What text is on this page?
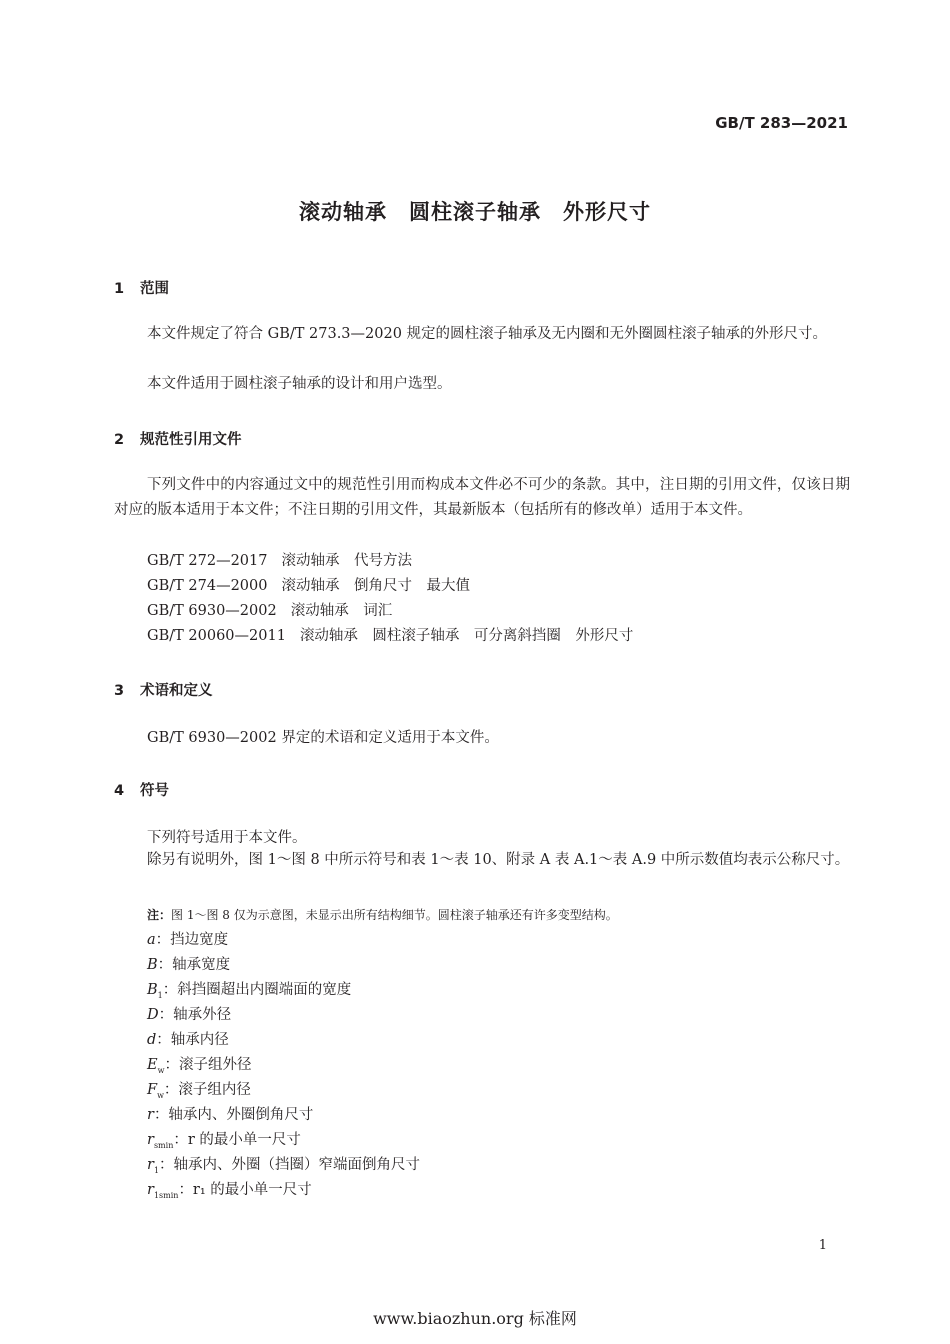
GB/T 283—2021
滚动轴承　圆柱滚子轴承　外形尺寸
1 范围
本文件规定了符合 GB/T 273.3—2020 规定的圆柱滚子轴承及无内圈和无外圈圆柱滚子轴承的外形尺寸。
本文件适用于圆柱滚子轴承的设计和用户选型。
2 规范性引用文件
下列文件中的内容通过文中的规范性引用而构成本文件必不可少的条款。其中，注日期的引用文件，仅该日期对应的版本适用于本文件；不注日期的引用文件，其最新版本（包括所有的修改单）适用于本文件。
GB/T 272—2017 滚动轴承　代号方法
GB/T 274—2000 滚动轴承　倒角尺寸　最大值
GB/T 6930—2002 滚动轴承　词汇
GB/T 20060—2011 滚动轴承　圆柱滚子轴承　可分离斜挡圈　外形尺寸
3 术语和定义
GB/T 6930—2002 界定的术语和定义适用于本文件。
4 符号
下列符号适用于本文件。
除另有说明外，图 1～图 8 中所示符号和表 1～表 10、附录 A 表 A.1～表 A.9 中所示数值均表示公称尺寸。
注：图 1～图 8 仅为示意图，未显示出所有结构细节。圆柱滚子轴承还有许多变型结构。
a：挡边宽度
B：轴承宽度
$B_1$：斜挡圈超出内圈端面的宽度
D：轴承外径
d：轴承内径
$E_w$：滚子组外径
$F_w$：滚子组内径
r：轴承内、外圈倒角尺寸
$r_{smin}$：r 的最小单一尺寸
$r_1$：轴承内、外圈（挡圈）窄端面倒角尺寸
$r_{1smin}$：r₁ 的最小单一尺寸
1
www.biaozhun.org 标准网
